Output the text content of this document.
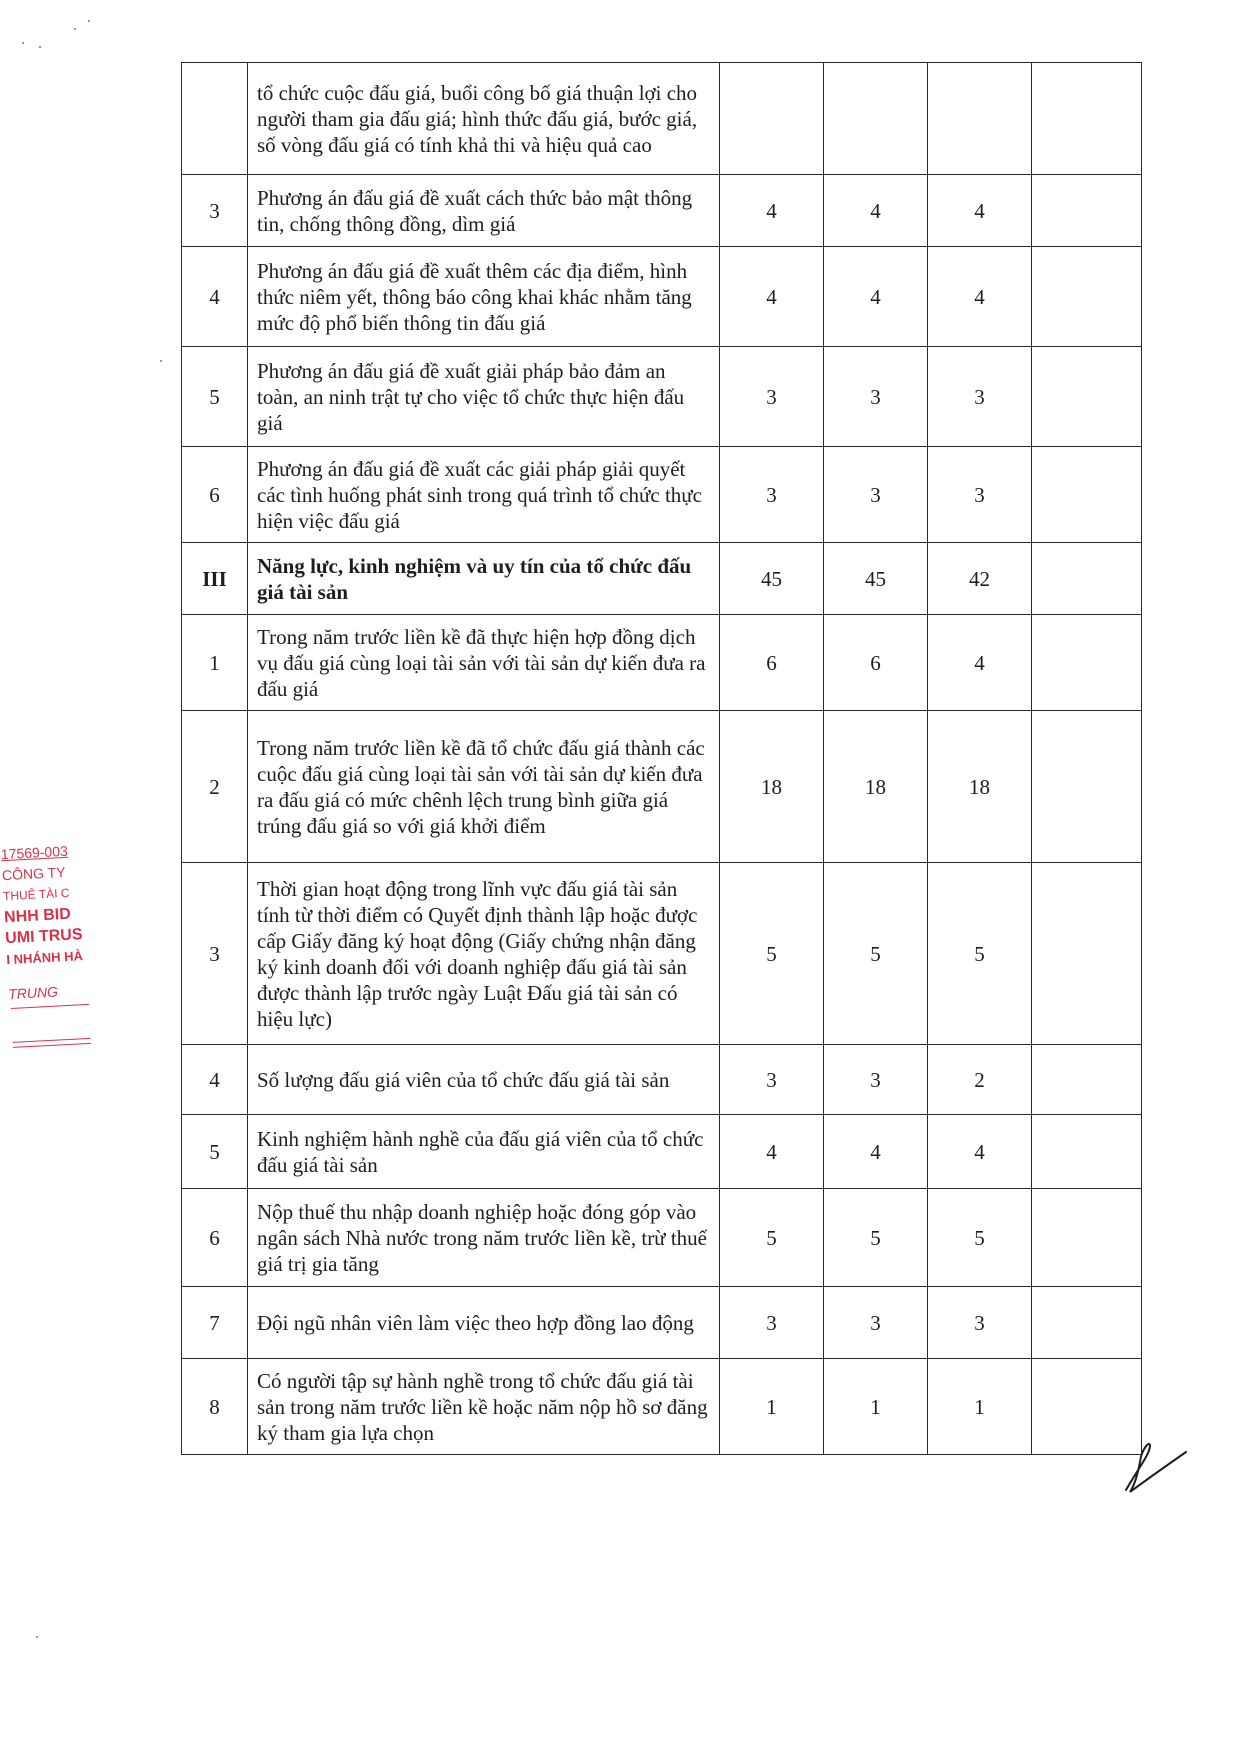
	tổ chức cuộc đấu giá, buổi công bố giá thuận lợi cho người tham gia đấu giá; hình thức đấu giá, bước giá, số vòng đấu giá có tính khả thi và hiệu quả cao				
3	Phương án đấu giá đề xuất cách thức bảo mật thông tin, chống thông đồng, dìm giá	4	4	4	
4	Phương án đấu giá đề xuất thêm các địa điểm, hình thức niêm yết, thông báo công khai khác nhằm tăng mức độ phổ biến thông tin đấu giá	4	4	4	
5	Phương án đấu giá đề xuất giải pháp bảo đảm an toàn, an ninh trật tự cho việc tổ chức thực hiện đấu giá	3	3	3	
6	Phương án đấu giá đề xuất các giải pháp giải quyết các tình huống phát sinh trong quá trình tổ chức thực hiện việc đấu giá	3	3	3	
III	Năng lực, kinh nghiệm và uy tín của tổ chức đấu giá tài sản	45	45	42	
1	Trong năm trước liền kề đã thực hiện hợp đồng dịch vụ đấu giá cùng loại tài sản với tài sản dự kiến đưa ra đấu giá	6	6	4	
2	Trong năm trước liền kề đã tổ chức đấu giá thành các cuộc đấu giá cùng loại tài sản với tài sản dự kiến đưa ra đấu giá có mức chênh lệch trung bình giữa giá trúng đấu giá so với giá khởi điểm	18	18	18	
3	Thời gian hoạt động trong lĩnh vực đấu giá tài sản tính từ thời điểm có Quyết định thành lập hoặc được cấp Giấy đăng ký hoạt động (Giấy chứng nhận đăng ký kinh doanh đối với doanh nghiệp đấu giá tài sản được thành lập trước ngày Luật Đấu giá tài sản có hiệu lực)	5	5	5	
4	Số lượng đấu giá viên của tổ chức đấu giá tài sản	3	3	2	
5	Kinh nghiệm hành nghề của đấu giá viên của tổ chức đấu giá tài sản	4	4	4	
6	Nộp thuế thu nhập doanh nghiệp hoặc đóng góp vào ngân sách Nhà nước trong năm trước liền kề, trừ thuế giá trị gia tăng	5	5	5	
7	Đội ngũ nhân viên làm việc theo hợp đồng lao động	3	3	3	
8	Có người tập sự hành nghề trong tổ chức đấu giá tài sản trong năm trước liền kề hoặc năm nộp hồ sơ đăng ký tham gia lựa chọn	1	1	1	
17569-003
CÔNG TY
THUÊ TÀI C
NHH BID
UMI TRUS
I NHÁNH HÀ
TRUNG
